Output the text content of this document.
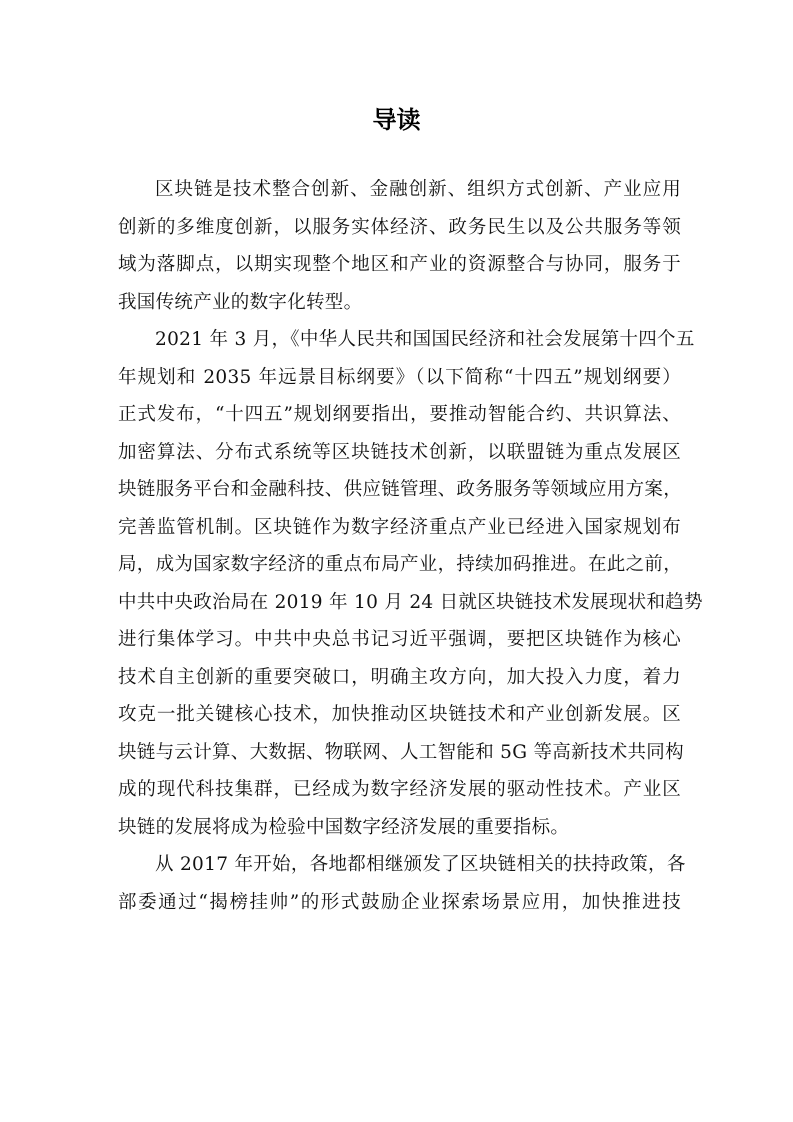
导读
区块链是技术整合创新、金融创新、组织方式创新、产业应用
创新的多维度创新，以服务实体经济、政务民生以及公共服务等领
域为落脚点，以期实现整个地区和产业的资源整合与协同，服务于
我国传统产业的数字化转型。
2021 年 3 月，《中华人民共和国国民经济和社会发展第十四个五
年规划和 2035 年远景目标纲要》（以下简称“十四五”规划纲要）
正式发布，“十四五”规划纲要指出，要推动智能合约、共识算法、
加密算法、分布式系统等区块链技术创新，以联盟链为重点发展区
块链服务平台和金融科技、供应链管理、政务服务等领域应用方案，
完善监管机制。区块链作为数字经济重点产业已经进入国家规划布
局，成为国家数字经济的重点布局产业，持续加码推进。在此之前，
中共中央政治局在 2019 年 10 月 24 日就区块链技术发展现状和趋势
进行集体学习。中共中央总书记习近平强调，要把区块链作为核心
技术自主创新的重要突破口，明确主攻方向，加大投入力度，着力
攻克一批关键核心技术，加快推动区块链技术和产业创新发展。区
块链与云计算、大数据、物联网、人工智能和 5G 等高新技术共同构
成的现代科技集群，已经成为数字经济发展的驱动性技术。产业区
块链的发展将成为检验中国数字经济发展的重要指标。
从 2017 年开始，各地都相继颁发了区块链相关的扶持政策，各
部委通过“揭榜挂帅”的形式鼓励企业探索场景应用，加快推进技
